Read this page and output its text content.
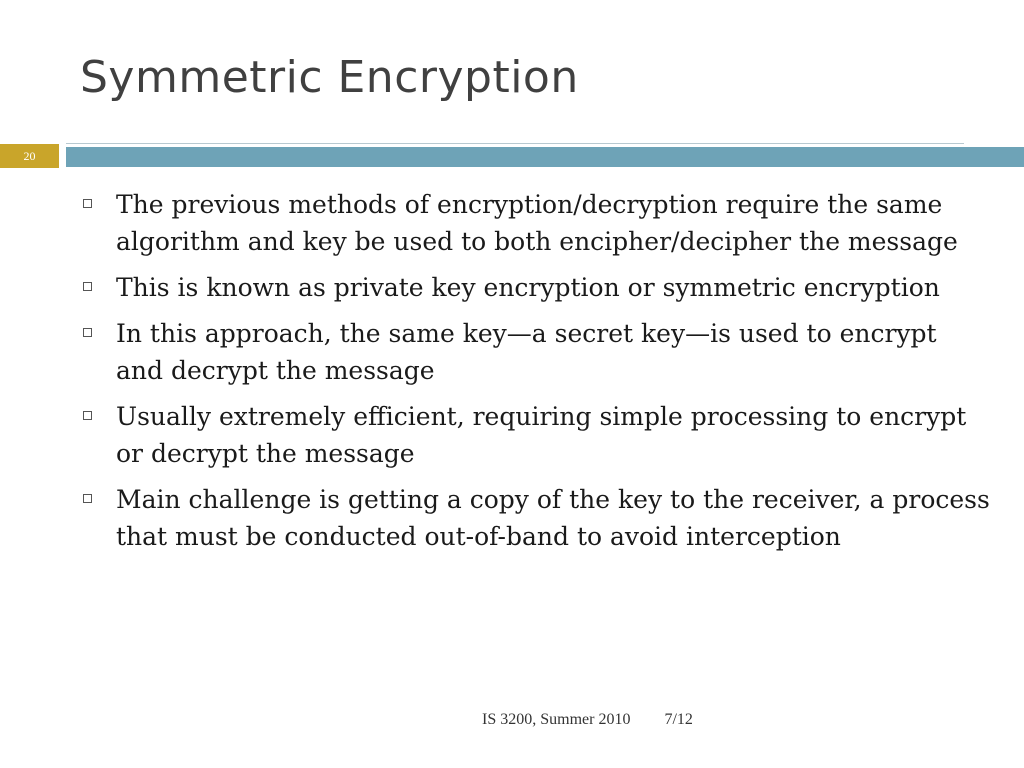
Symmetric Encryption
20
The previous methods of encryption/decryption require the same algorithm and key be used to both encipher/decipher the message
This is known as private key encryption or symmetric encryption
In this approach, the same key—a secret key—is used to encrypt and decrypt the message
Usually extremely efficient, requiring simple processing to encrypt or decrypt the message
Main challenge is getting a copy of the key to the receiver, a process that must be conducted out-of-band to avoid interception
IS 3200, Summer 2010 7/12
